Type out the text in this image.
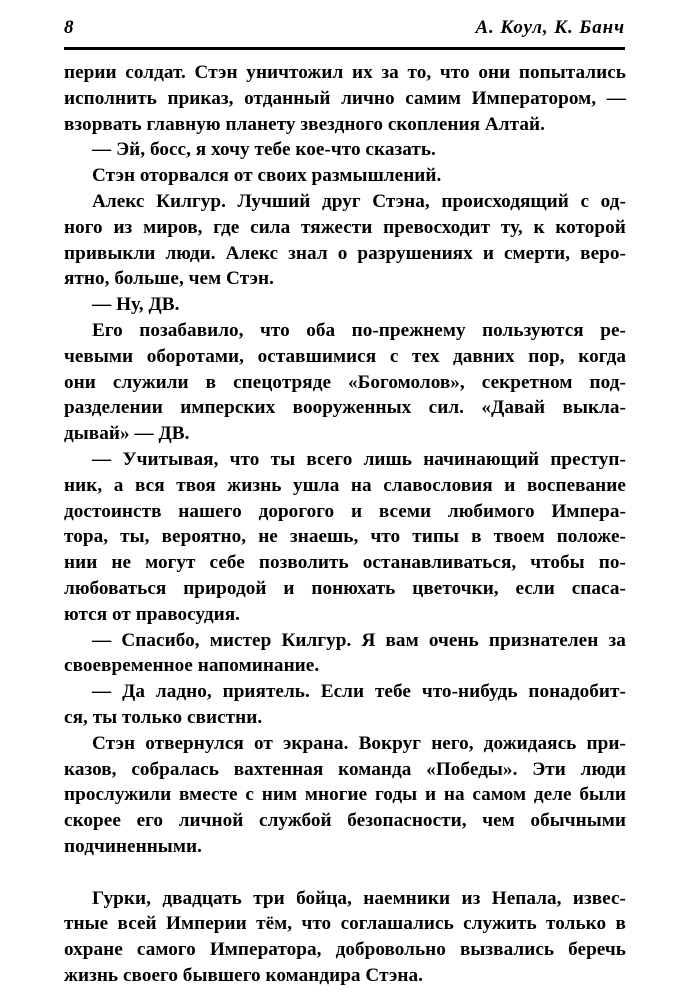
8	А. Коул, К. Банч
перии солдат. Стэн уничтожил их за то, что они попытались
исполнить приказ, отданный лично самим Императором, —
взорвать главную планету звездного скопления Алтай.
— Эй, босс, я хочу тебе кое-что сказать.
Стэн оторвался от своих размышлений.
Алекс Килгур. Лучший друг Стэна, происходящий с од-
ного из миров, где сила тяжести превосходит ту, к которой
привыкли люди. Алекс знал о разрушениях и смерти, веро-
ятно, больше, чем Стэн.
— Ну, ДВ.
Его позабавило, что оба по-прежнему пользуются ре-
чевыми оборотами, оставшимися с тех давних пор, когда
они служили в спецотряде «Богомолов», секретном под-
разделении имперских вооруженных сил. «Давай выкла-
дывай» — ДВ.
— Учитывая, что ты всего лишь начинающий преступ-
ник, а вся твоя жизнь ушла на славословия и воспевание
достоинств нашего дорогого и всеми любимого Импера-
тора, ты, вероятно, не знаешь, что типы в твоем положе-
нии не могут себе позволить останавливаться, чтобы по-
любоваться природой и понюхать цветочки, если спаса-
ются от правосудия.
— Спасибо, мистер Килгур. Я вам очень признателен за
своевременное напоминание.
— Да ладно, приятель. Если тебе что-нибудь понадобит-
ся, ты только свистни.
Стэн отвернулся от экрана. Вокруг него, дожидаясь при-
казов, собралась вахтенная команда «Победы». Эти люди
прослужили вместе с ним многие годы и на самом деле были
скорее его личной службой безопасности, чем обычными
подчиненными.
Гурки, двадцать три бойца, наемники из Непала, извес-
тные всей Империи тём, что соглашались служить только в
охране самого Императора, добровольно вызвались беречь
жизнь своего бывшего командира Стэна.
